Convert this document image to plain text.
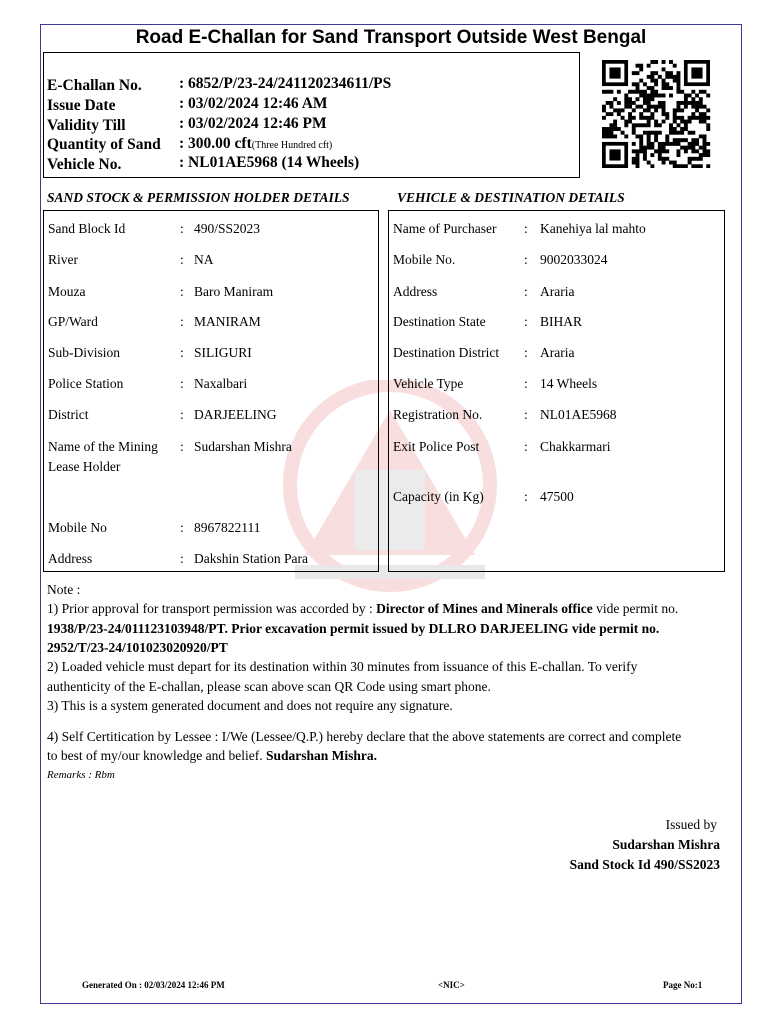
Road E-Challan for Sand Transport Outside West Bengal
E-Challan No. : 6852/P/23-24/241120234611/PS
Issue Date	: 03/02/2024 12:46 AM
Validity Till	: 03/02/2024 12:46 PM
Quantity of Sand : 300.00 cft(Three Hundred cft)
Vehicle No.	: NL01AE5968 (14 Wheels)
SAND STOCK & PERMISSION HOLDER DETAILS	VEHICLE & DESTINATION DETAILS
Sand Block Id	: 490/SS2023
River	: NA
Mouza	: Baro Maniram
GP/Ward	: MANIRAM
Sub-Division	: SILIGURI
Police Station	: Naxalbari
District	: DARJEELING
Name of the Mining Lease Holder
: Sudarshan Mishra
Mobile No	: 8967822111
Address	: Dakshin Station Para
Name of Purchaser : Kanehiya lal mahto
Mobile No.	: 9002033024
Address	: Araria
Destination State	: BIHAR
Destination District : Araria
Vehicle Type	: 14 Wheels
Registration No.	: NL01AE5968
Exit Police Post	: Chakkarmari
Capacity (in Kg)	: 47500
Note :
1) Prior approval for transport permission was accorded by : Director of Mines and Minerals office vide permit no.
1938/P/23-24/011123103948/PT. Prior excavation permit issued by DLLRO DARJEELING vide permit no.
2952/T/23-24/101023020920/PT
2) Loaded vehicle must depart for its destination within 30 minutes from issuance of this E-challan. To verify
authenticity of the E-challan, please scan above scan QR Code using smart phone.
3) This is a system generated document and does not require any signature.
4) Self Certitication by Lessee : I/We (Lessee/Q.P.) hereby declare that the above statements are correct and complete
to best of my/our knowledge and belief. Sudarshan Mishra.
Remarks : Rbm
Issued by
Sudarshan Mishra
Sand Stock Id 490/SS2023
Generated On : 02/03/2024 12:46 PM	<NIC>	Page No:1
